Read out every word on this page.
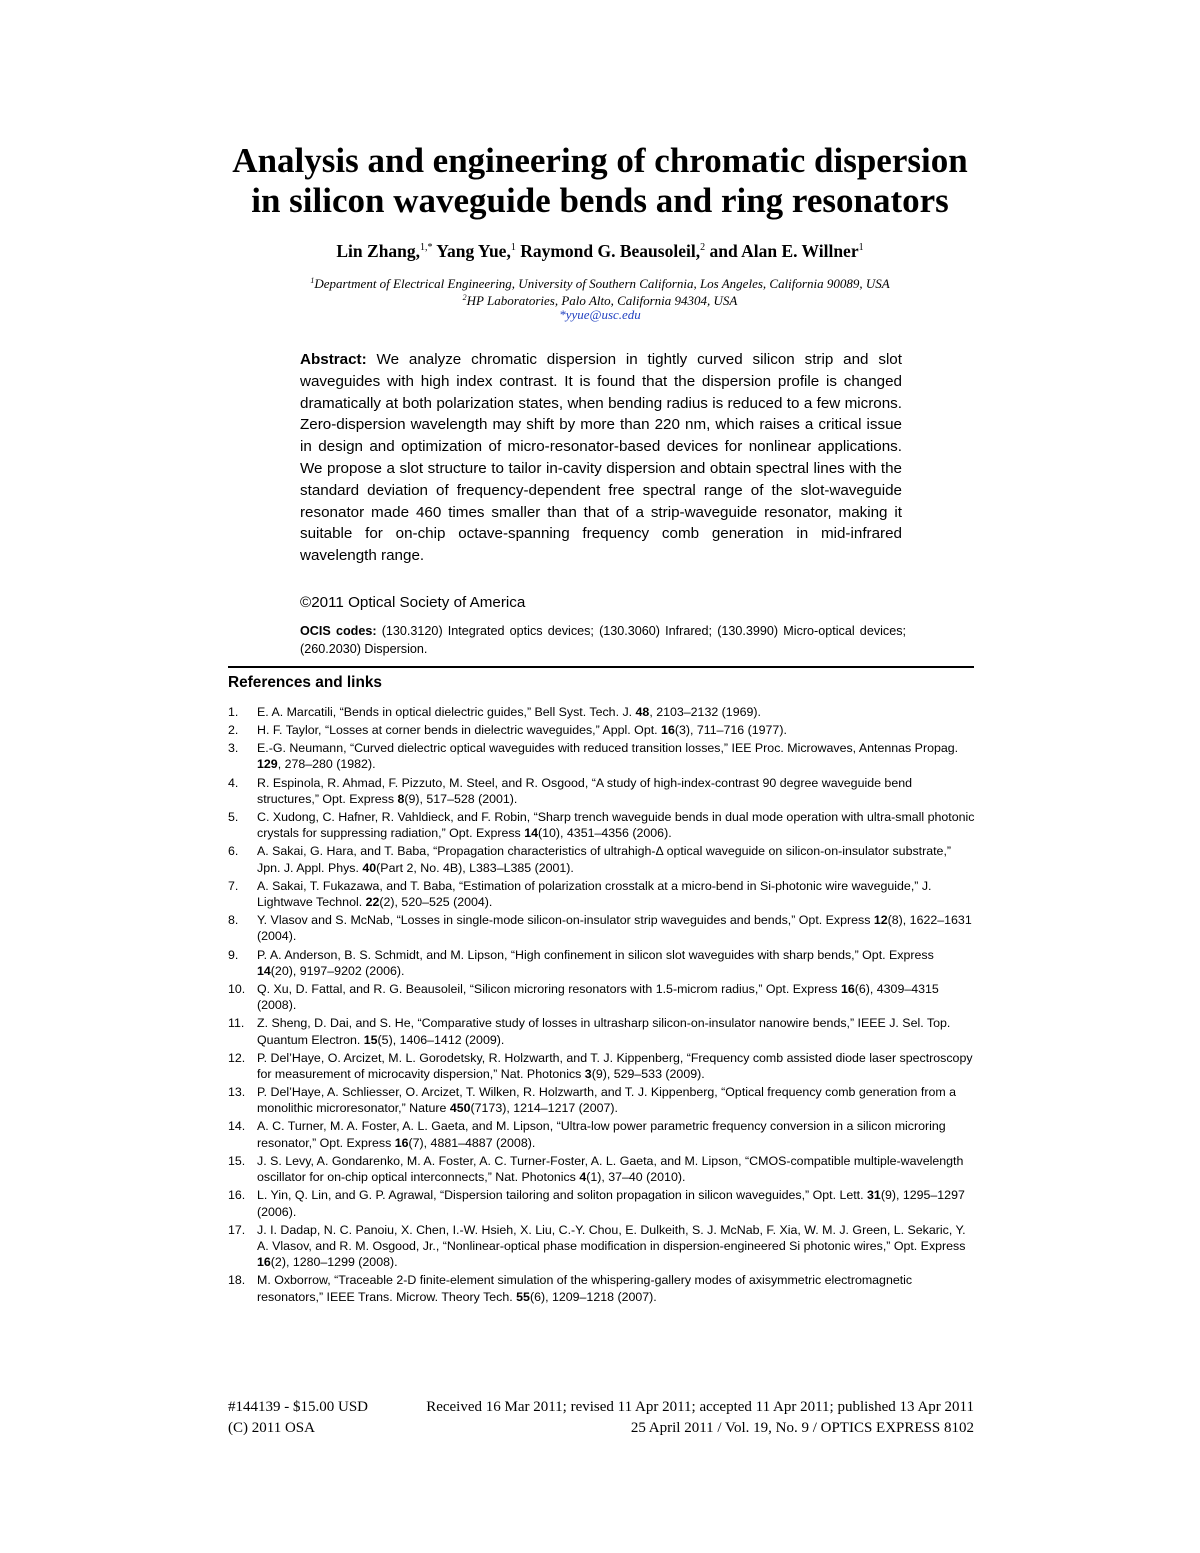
Analysis and engineering of chromatic dispersion
in silicon waveguide bends and ring resonators
Lin Zhang,$^{1,*}$ Yang Yue,$^1$ Raymond G. Beausoleil,$^2$ and Alan E. Willner$^1$
$^1$Department of Electrical Engineering, University of Southern California, Los Angeles, California 90089, USA
$^2$HP Laboratories, Palo Alto, California 94304, USA
*yyue@usc.edu
Abstract: We analyze chromatic dispersion in tightly curved silicon strip and slot waveguides with high index contrast. It is found that the dispersion profile is changed dramatically at both polarization states, when bending radius is reduced to a few microns. Zero-dispersion wavelength may shift by more than 220 nm, which raises a critical issue in design and optimization of micro-resonator-based devices for nonlinear applications. We propose a slot structure to tailor in-cavity dispersion and obtain spectral lines with the standard deviation of frequency-dependent free spectral range of the slot-waveguide resonator made 460 times smaller than that of a strip-waveguide resonator, making it suitable for on-chip octave-spanning frequency comb generation in mid-infrared wavelength range.
©2011 Optical Society of America
OCIS codes: (130.3120) Integrated optics devices; (130.3060) Infrared; (130.3990) Micro-optical devices; (260.2030) Dispersion.
References and links
1. E. A. Marcatili, “Bends in optical dielectric guides,” Bell Syst. Tech. J. 48, 2103–2132 (1969).
2. H. F. Taylor, “Losses at corner bends in dielectric waveguides,” Appl. Opt. 16(3), 711–716 (1977).
3. E.-G. Neumann, “Curved dielectric optical waveguides with reduced transition losses,” IEE Proc. Microwaves, Antennas Propag. 129, 278–280 (1982).
4. R. Espinola, R. Ahmad, F. Pizzuto, M. Steel, and R. Osgood, “A study of high-index-contrast 90 degree waveguide bend structures,” Opt. Express 8(9), 517–528 (2001).
5. C. Xudong, C. Hafner, R. Vahldieck, and F. Robin, “Sharp trench waveguide bends in dual mode operation with ultra-small photonic crystals for suppressing radiation,” Opt. Express 14(10), 4351–4356 (2006).
6. A. Sakai, G. Hara, and T. Baba, “Propagation characteristics of ultrahigh-Δ optical waveguide on silicon-on-insulator substrate,” Jpn. J. Appl. Phys. 40(Part 2, No. 4B), L383–L385 (2001).
7. A. Sakai, T. Fukazawa, and T. Baba, “Estimation of polarization crosstalk at a micro-bend in Si-photonic wire waveguide,” J. Lightwave Technol. 22(2), 520–525 (2004).
8. Y. Vlasov and S. McNab, “Losses in single-mode silicon-on-insulator strip waveguides and bends,” Opt. Express 12(8), 1622–1631 (2004).
9. P. A. Anderson, B. S. Schmidt, and M. Lipson, “High confinement in silicon slot waveguides with sharp bends,” Opt. Express 14(20), 9197–9202 (2006).
10. Q. Xu, D. Fattal, and R. G. Beausoleil, “Silicon microring resonators with 1.5-microm radius,” Opt. Express 16(6), 4309–4315 (2008).
11. Z. Sheng, D. Dai, and S. He, “Comparative study of losses in ultrasharp silicon-on-insulator nanowire bends,” IEEE J. Sel. Top. Quantum Electron. 15(5), 1406–1412 (2009).
12. P. Del’Haye, O. Arcizet, M. L. Gorodetsky, R. Holzwarth, and T. J. Kippenberg, “Frequency comb assisted diode laser spectroscopy for measurement of microcavity dispersion,” Nat. Photonics 3(9), 529–533 (2009).
13. P. Del’Haye, A. Schliesser, O. Arcizet, T. Wilken, R. Holzwarth, and T. J. Kippenberg, “Optical frequency comb generation from a monolithic microresonator,” Nature 450(7173), 1214–1217 (2007).
14. A. C. Turner, M. A. Foster, A. L. Gaeta, and M. Lipson, “Ultra-low power parametric frequency conversion in a silicon microring resonator,” Opt. Express 16(7), 4881–4887 (2008).
15. J. S. Levy, A. Gondarenko, M. A. Foster, A. C. Turner-Foster, A. L. Gaeta, and M. Lipson, “CMOS-compatible multiple-wavelength oscillator for on-chip optical interconnects,” Nat. Photonics 4(1), 37–40 (2010).
16. L. Yin, Q. Lin, and G. P. Agrawal, “Dispersion tailoring and soliton propagation in silicon waveguides,” Opt. Lett. 31(9), 1295–1297 (2006).
17. J. I. Dadap, N. C. Panoiu, X. Chen, I.-W. Hsieh, X. Liu, C.-Y. Chou, E. Dulkeith, S. J. McNab, F. Xia, W. M. J. Green, L. Sekaric, Y. A. Vlasov, and R. M. Osgood, Jr., “Nonlinear-optical phase modification in dispersion-engineered Si photonic wires,” Opt. Express 16(2), 1280–1299 (2008).
18. M. Oxborrow, “Traceable 2-D finite-element simulation of the whispering-gallery modes of axisymmetric electromagnetic resonators,” IEEE Trans. Microw. Theory Tech. 55(6), 1209–1218 (2007).
#144139 - $15.00 USD	Received 16 Mar 2011; revised 11 Apr 2011; accepted 11 Apr 2011; published 13 Apr 2011
(C) 2011 OSA	25 April 2011 / Vol. 19, No. 9 / OPTICS EXPRESS 8102
